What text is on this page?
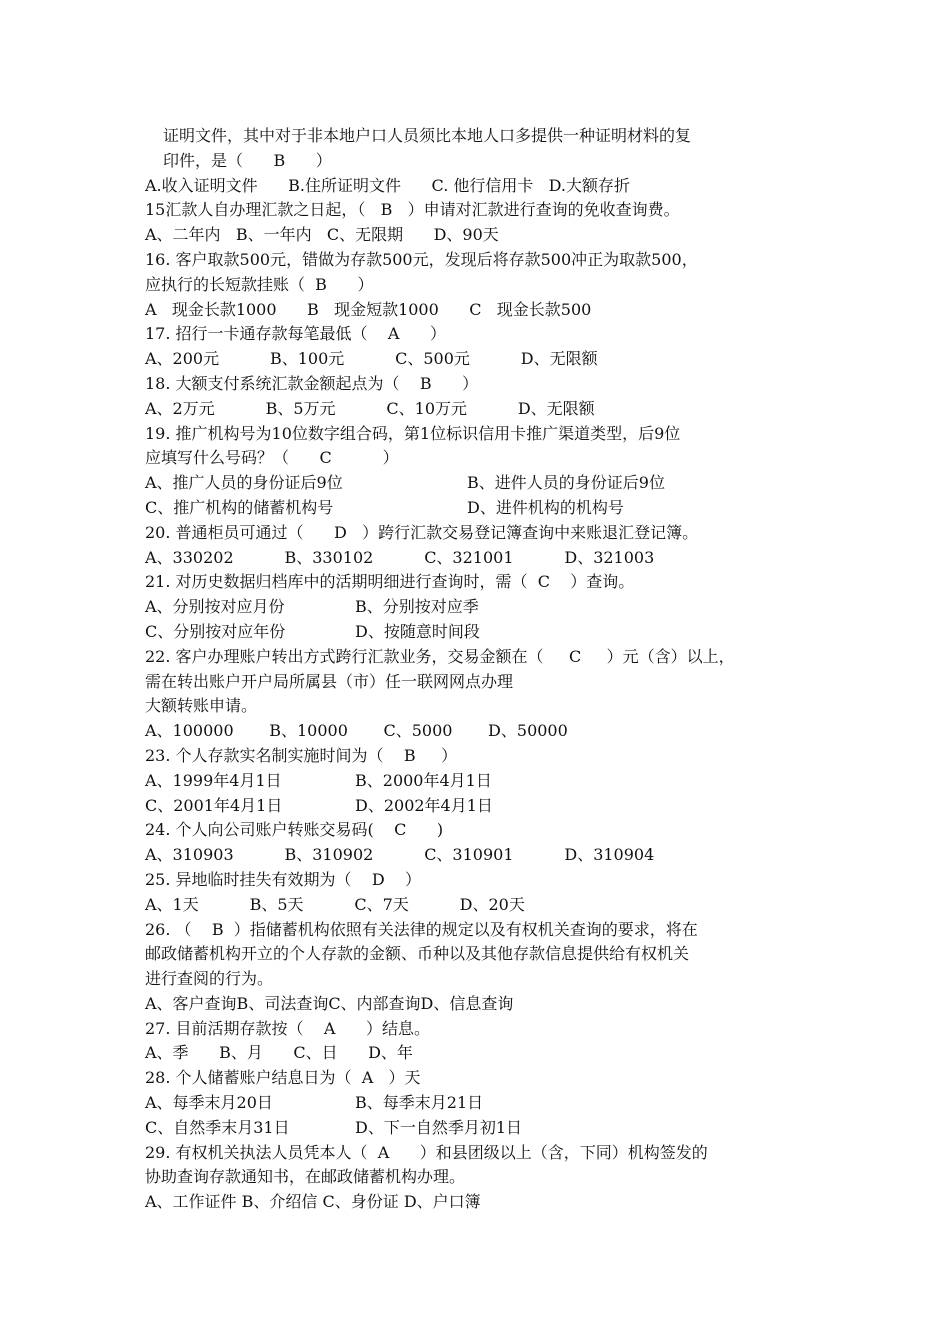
证明文件，其中对于非本地户口人员须比本地人口多提供一种证明材料的复
印件，是（      B      ）
A.收入证明文件      B.住所证明文件      C. 他行信用卡   D.大额存折
15汇款人自办理汇款之日起，（   B   ）申请对汇款进行查询的免收查询费。
A、二年内   B、一年内   C、无限期      D、90天
16. 客户取款500元，错做为存款500元，发现后将存款500冲正为取款500，
应执行的长短款挂账（  B      ）
A   现金长款1000      B   现金短款1000      C   现金长款500
17. 招行一卡通存款每笔最低（    A      ）
A、200元          B、100元          C、500元          D、无限额
18. 大额支付系统汇款金额起点为（    B      ）
A、2万元          B、5万元          C、10万元          D、无限额
19. 推广机构号为10位数字组合码，第1位标识信用卡推广渠道类型，后9位
应填写什么号码？（      C          ）
A、推广人员的身份证后9位	B、进件人员的身份证后9位
C、推广机构的储蓄机构号	D、进件机构的机构号
20. 普通柜员可通过（      D   ）跨行汇款交易登记簿查询中来账退汇登记簿。
A、330202          B、330102          C、321001          D、321003
21. 对历史数据归档库中的活期明细进行查询时，需（  C    ）查询。
A、分别按对应月份	B、分别按对应季
C、分别按对应年份	D、按随意时间段
22. 客户办理账户转出方式跨行汇款业务，交易金额在（     C     ）元（含）以上，
需在转出账户开户局所属县（市）任一联网网点办理
大额转账申请。
A、100000       B、10000       C、5000       D、50000
23. 个人存款实名制实施时间为（    B     ）
A、1999年4月1日	B、2000年4月1日
C、2001年4月1日	D、2002年4月1日
24. 个人向公司账户转账交易码(    C      )
A、310903          B、310902          C、310901          D、310904
25. 异地临时挂失有效期为（    D    ）
A、1天          B、5天          C、7天          D、20天
26. （    B  ）指储蓄机构依照有关法律的规定以及有权机关查询的要求，将在
邮政储蓄机构开立的个人存款的金额、币种以及其他存款信息提供给有权机关
进行查阅的行为。
A、客户查询B、司法查询C、内部查询D、信息查询
27. 目前活期存款按（    A      ）结息。
A、季      B、月      C、日      D、年
28. 个人储蓄账户结息日为（  A   ）天
A、每季末月20日	B、每季末月21日
C、自然季末月31日	D、下一自然季月初1日
29. 有权机关执法人员凭本人（  A      ）和县团级以上（含，下同）机构签发的
协助查询存款通知书，在邮政储蓄机构办理。
A、工作证件 B、介绍信 C、身份证 D、户口簿
